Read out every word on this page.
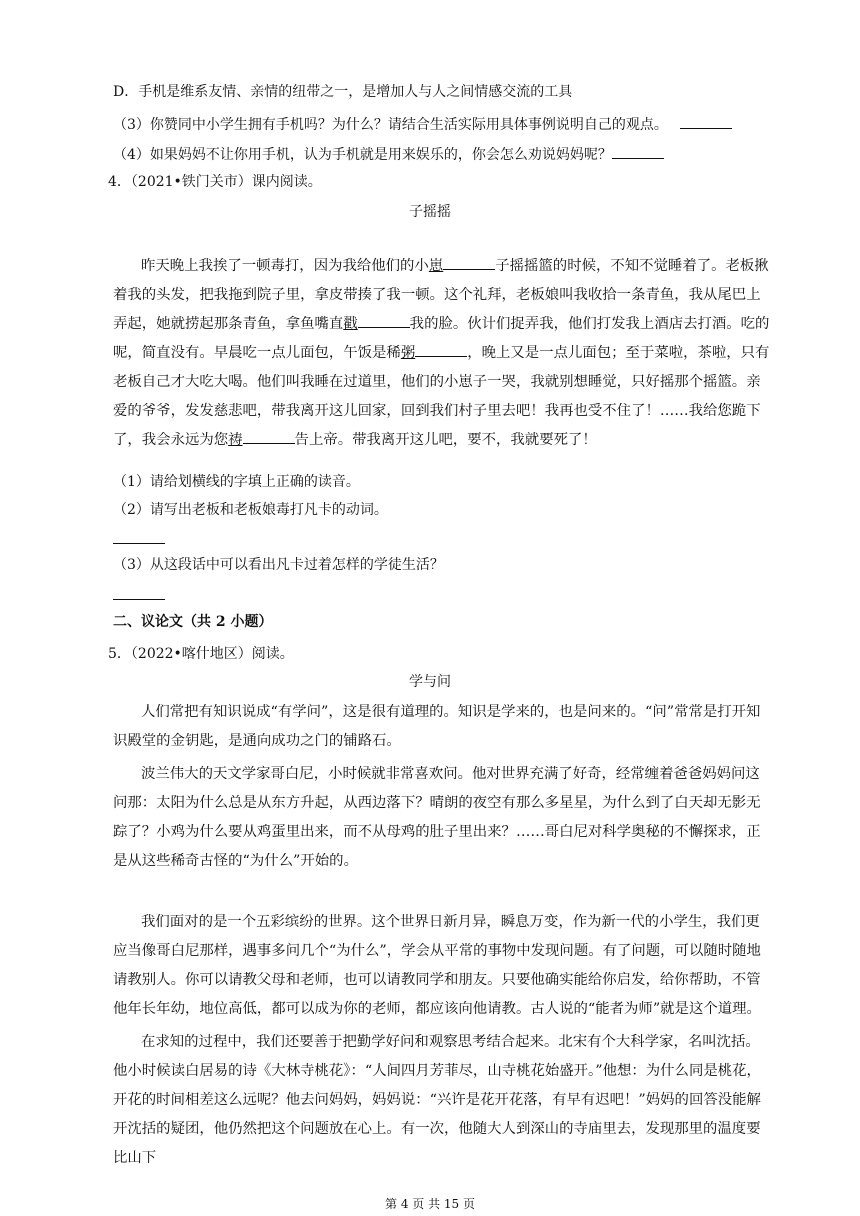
D．手机是维系友情、亲情的纽带之一，是增加人与人之间情感交流的工具
（3）你赞同中小学生拥有手机吗？为什么？请结合生活实际用具体事例说明自己的观点。
（4）如果妈妈不让你用手机，认为手机就是用来娱乐的，你会怎么劝说妈妈呢？
4．（2021•铁门关市）课内阅读。
子摇摇
昨天晚上我挨了一顿毒打，因为我给他们的小崽	子摇摇篮的时候，不知不觉睡着了。老板揪着我的头发，把我拖到院子里，拿皮带揍了我一顿。这个礼拜，老板娘叫我收拾一条青鱼，我从尾巴上弄起，她就捞起那条青鱼，拿鱼嘴直戳	我的脸。伙计们捉弄我，他们打发我上酒店去打酒。吃的呢，简直没有。早晨吃一点儿面包，午饭是稀粥	，晚上又是一点儿面包；至于菜啦，茶啦，只有老板自己才大吃大喝。他们叫我睡在过道里，他们的小崽子一哭，我就别想睡觉，只好摇那个摇篮。亲爱的爷爷，发发慈悲吧，带我离开这儿回家，回到我们村子里去吧！我再也受不住了！……我给您跪下了，我会永远为您祷	告上帝。带我离开这儿吧，要不，我就要死了！
（1）请给划横线的字填上正确的读音。
（2）请写出老板和老板娘毒打凡卡的动词。
（3）从这段话中可以看出凡卡过着怎样的学徒生活？
二、议论文（共 2 小题）
5．（2022•喀什地区）阅读。
学与问
人们常把有知识说成“有学问”，这是很有道理的。知识是学来的，也是问来的。“问”常常是打开知识殿堂的金钥匙，是通向成功之门的铺路石。
波兰伟大的天文学家哥白尼，小时候就非常喜欢问。他对世界充满了好奇，经常缠着爸爸妈妈问这问那：太阳为什么总是从东方升起，从西边落下？晴朗的夜空有那么多星星，为什么到了白天却无影无踪了？小鸡为什么要从鸡蛋里出来，而不从母鸡的肚子里出来？……哥白尼对科学奥秘的不懈探求，正是从这些稀奇古怪的“为什么”开始的。
我们面对的是一个五彩缤纷的世界。这个世界日新月异，瞬息万变，作为新一代的小学生，我们更应当像哥白尼那样，遇事多问几个“为什么”，学会从平常的事物中发现问题。有了问题，可以随时随地请教别人。你可以请教父母和老师，也可以请教同学和朋友。只要他确实能给你启发，给你帮助，不管他年长年幼，地位高低，都可以成为你的老师，都应该向他请教。古人说的“能者为师”就是这个道理。
在求知的过程中，我们还要善于把勤学好问和观察思考结合起来。北宋有个大科学家，名叫沈括。他小时候读白居易的诗《大林寺桃花》：“人间四月芳菲尽，山寺桃花始盛开。”他想：为什么同是桃花，开花的时间相差这么远呢？他去问妈妈，妈妈说：“兴许是花开花落，有早有迟吧！”妈妈的回答没能解开沈括的疑团，他仍然把这个问题放在心上。有一次，他随大人到深山的寺庙里去，发现那里的温度要比山下
第 4 页 共 15 页
